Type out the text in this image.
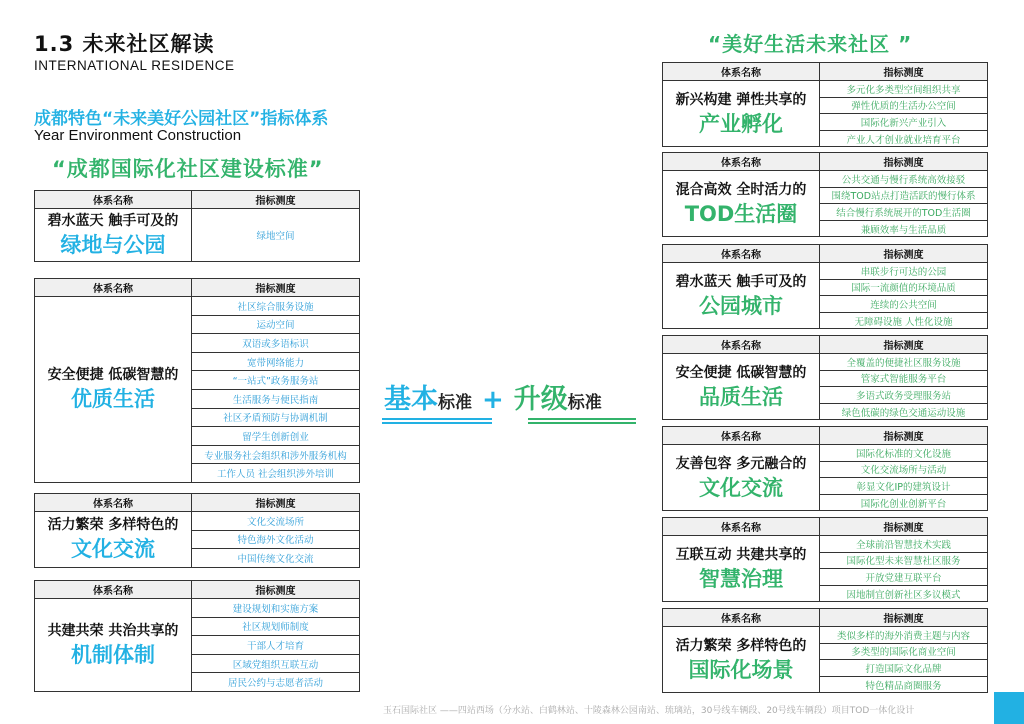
1.3 未来社区解读
INTERNATIONAL RESIDENCE
成都特色“未来美好公园社区”指标体系
Year Environment Construction
“成都国际化社区建设标准”
“美好生活未来社区 ”
体系名称	指标测度

碧水蓝天 触手可及的
绿地与公园	绿地空间
体系名称	指标测度

安全便捷 低碳智慧的
优质生活	社区综合服务设施
	运动空间
	双语或多语标识
	宽带网络能力
	“一站式”政务服务站
	生活服务与便民指南
	社区矛盾预防与协调机制
	留学生创新创业
	专业服务社会组织和涉外服务机构
	工作人员 社会组织涉外培训
体系名称	指标测度

活力繁荣 多样特色的
文化交流	文化交流场所
	特色海外文化活动
	中国传统文化交流
体系名称	指标测度

共建共荣 共治共享的
机制体制	建设规划和实施方案
	社区规划师制度
	干部人才培育
	区域党组织互联互动
	居民公约与志愿者活动
体系名称	指标测度

新兴构建 弹性共享的
产业孵化	多元化多类型空间组织共享
	弹性优质的生活办公空间
	国际化新兴产业引入
	产业人才创业就业培育平台
体系名称	指标测度

混合高效 全时活力的
TOD生活圈	公共交通与慢行系统高效接驳
	围绕TOD站点打造活跃的慢行体系
	结合慢行系统展开的TOD生活圈
	兼顾效率与生活品质
体系名称	指标测度

碧水蓝天 触手可及的
公园城市	串联步行可达的公园
	国际一流颜值的环境品质
	连续的公共空间
	无障碍设施 人性化设施
体系名称	指标测度

安全便捷 低碳智慧的
品质生活	全覆盖的便捷社区服务设施
	管家式智能服务平台
	多语式政务受理服务站
	绿色低碳的绿色交通运动设施
体系名称	指标测度

友善包容 多元融合的
文化交流	国际化标准的文化设施
	文化交流场所与活动
	彰显文化IP的建筑设计
	国际化创业创新平台
体系名称	指标测度

互联互动 共建共享的
智慧治理	全球前沿智慧技术实践
	国际化型未来智慧社区服务
	开放党建互联平台
	因地制宜创新社区多议模式
体系名称	指标测度

活力繁荣 多样特色的
国际化场景	类似多样的海外消费主题与内容
	多类型的国际化商业空间
	打造国际文化品牌
	特色精品商圈服务
基本标准 + 升级标准
玉石国际社区 ——四站西场（分水站、白鹤林站、十陵森林公园南站、琉璃站，30号线车辆段、20号线车辆段）项目TOD一体化设计
